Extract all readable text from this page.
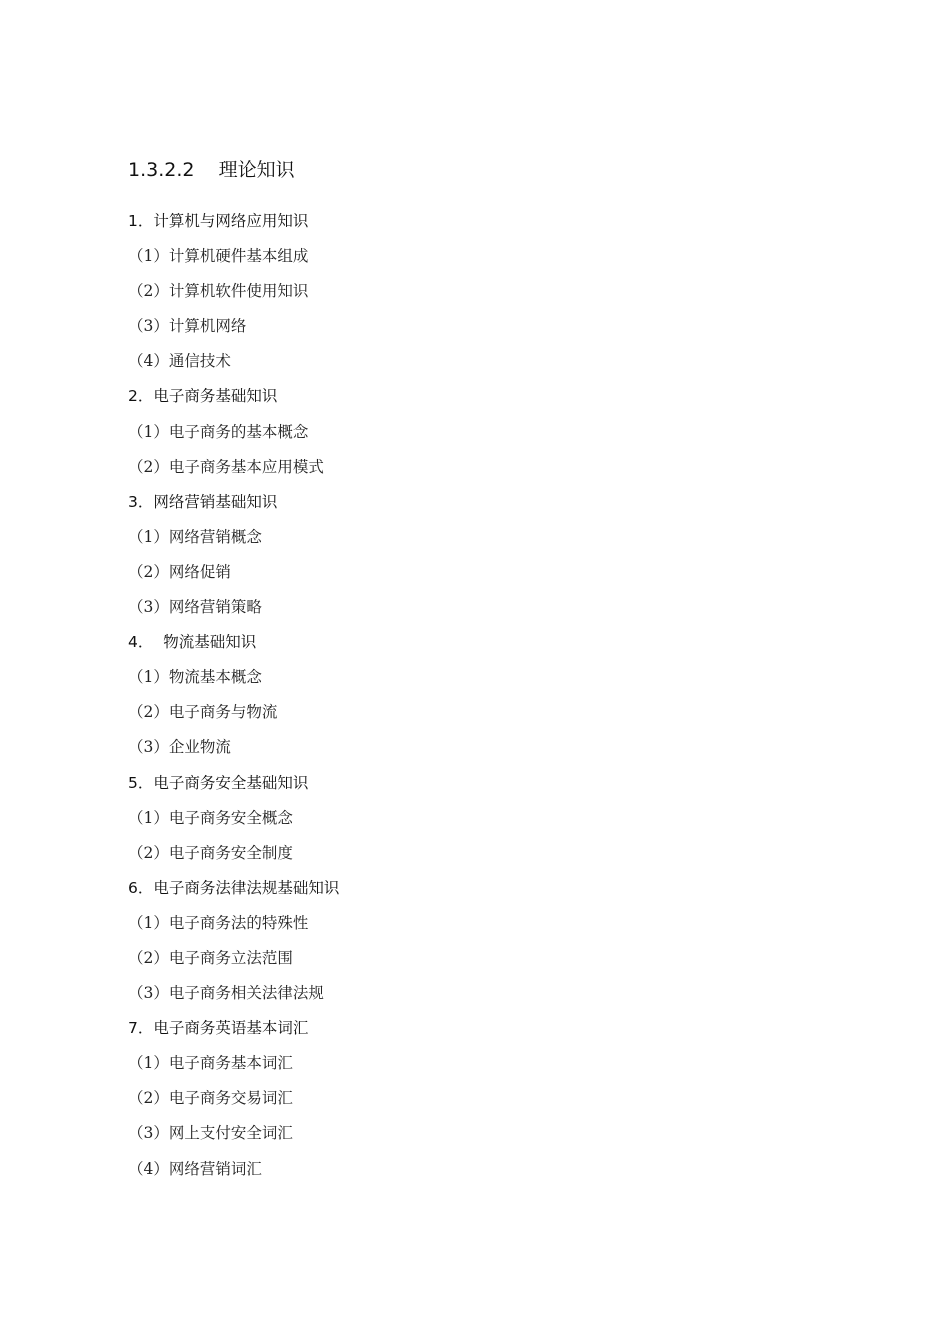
1.3.2.2 理论知识
1．计算机与网络应用知识
（1）计算机硬件基本组成
（2）计算机软件使用知识
（3）计算机网络
（4）通信技术
2．电子商务基础知识
（1）电子商务的基本概念
（2）电子商务基本应用模式
3．网络营销基础知识
（1）网络营销概念
（2）网络促销
（3）网络营销策略
4．  物流基础知识
（1）物流基本概念
（2）电子商务与物流
（3）企业物流
5．电子商务安全基础知识
（1）电子商务安全概念
（2）电子商务安全制度
6．电子商务法律法规基础知识
（1）电子商务法的特殊性
（2）电子商务立法范围
（3）电子商务相关法律法规
7．电子商务英语基本词汇
（1）电子商务基本词汇
（2）电子商务交易词汇
（3）网上支付安全词汇
（4）网络营销词汇
